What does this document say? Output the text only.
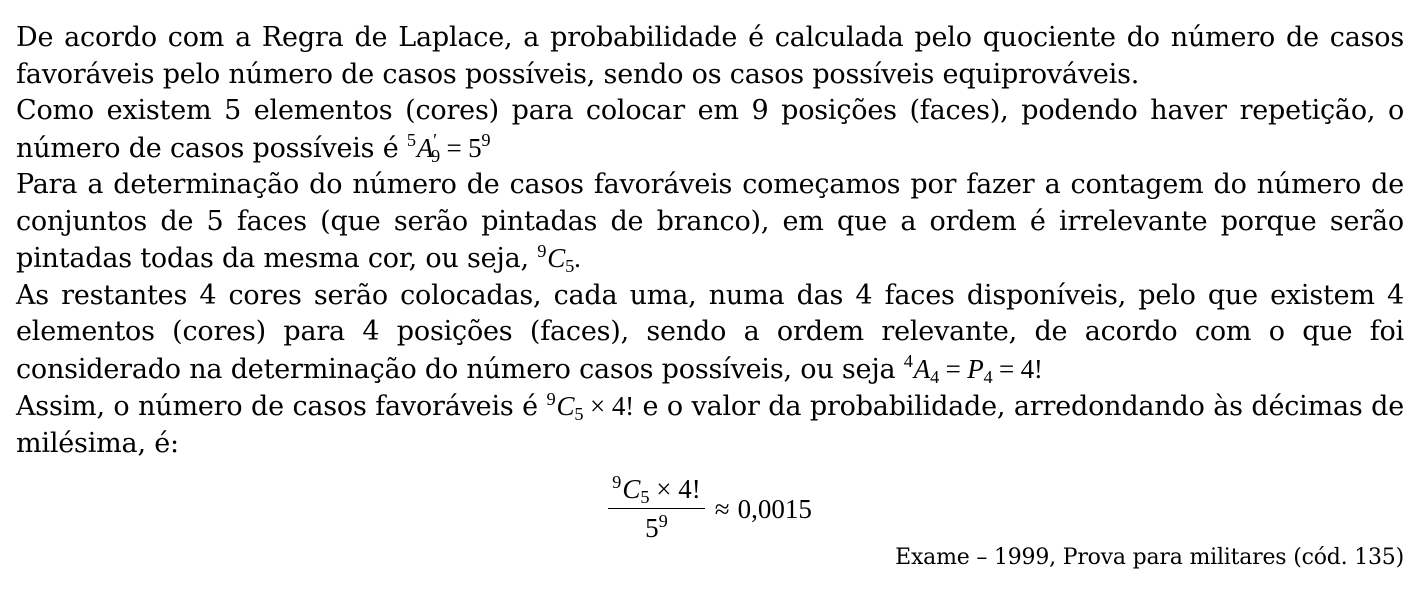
De acordo com a Regra de Laplace, a probabilidade é calculada pelo quociente do número de casos favoráveis pelo número de casos possíveis, sendo os casos possíveis equiprováveis.

Como existem 5 elementos (cores) para colocar em 9 posições (faces), podendo haver repetição, o número de casos possíveis é $^5A'_9 = 5^9$

Para a determinação do número de casos favoráveis começamos por fazer a contagem do número de conjuntos de 5 faces (que serão pintadas de branco), em que a ordem é irrelevante porque serão pintadas todas da mesma cor, ou seja, $^9C_5$.

As restantes 4 cores serão colocadas, cada uma, numa das 4 faces disponíveis, pelo que existem 4 elementos (cores) para 4 posições (faces), sendo a ordem relevante, de acordo com o que foi considerado na determinação do número casos possíveis, ou seja $^4A_4 = P_4 = 4$!

Assim, o número de casos favoráveis é $^9C_5 \times 4$! e o valor da probabilidade, arredondando às décimas de milésima, é:

$\frac{^9C_5 \times 4!}{5^9} \approx 0,0015$
Exame – 1999, Prova para militares (cód. 135)
